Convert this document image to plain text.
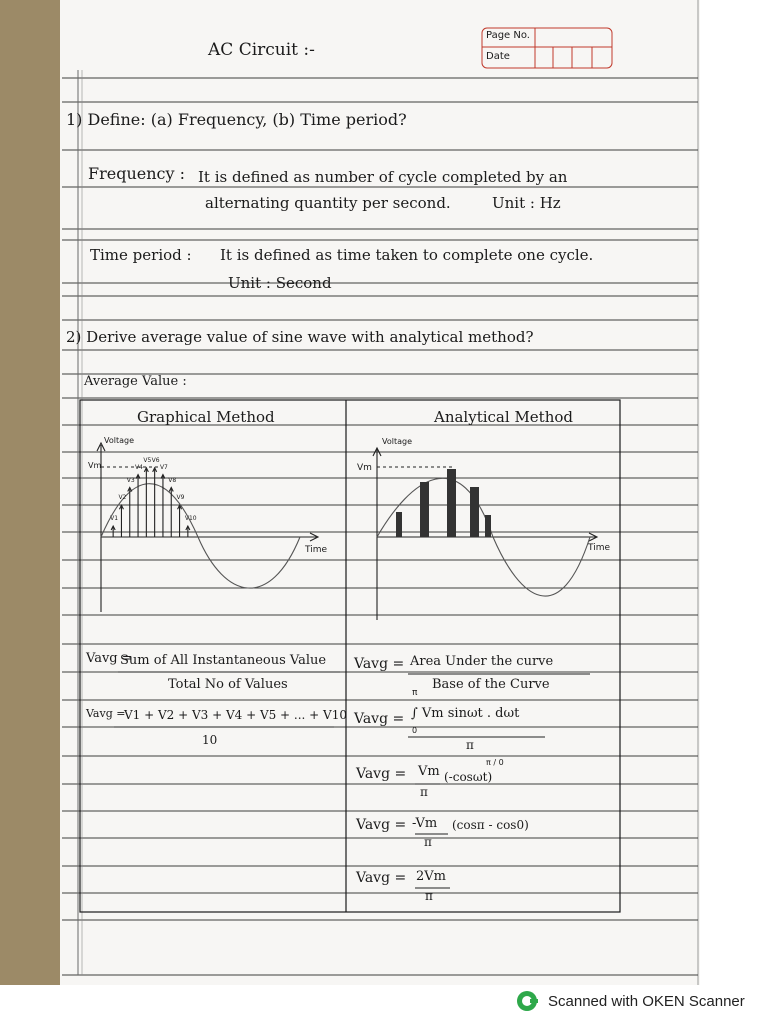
AC Circuit :-
Page No.
Date
1) Define: (a) Frequency, (b) Time period?
Frequency : It is defined as number of cycle completed by an
alternating quantity per second.	Unit : Hz
Time period : It is defined as time taken to complete one cycle.
Unit : Second
2) Derive average value of sine wave with analytical method?
Average Value :
Graphical Method
Voltage
Time
Vm
V1
V2
V3
V4
V5 V6
V7
V8
V9
V10
Analytical Method
Voltage
Time
Vm
Vavg =
Sum of All Instantaneous Value
Total No of Values
Vavg =
V1 + V2 + V3 + V4 + V5 + ... + V10
10
Vavg = Area Under the curve
Base of the Curve
Vavg = ∫ Vm sinωt . dωt
π
0
π
Vavg = Vm
π
(-cosωt)
π / 0
Vavg = -Vm
π
(cosπ - cos0)
Vavg = 2Vm
π
Scanned with OKEN Scanner
